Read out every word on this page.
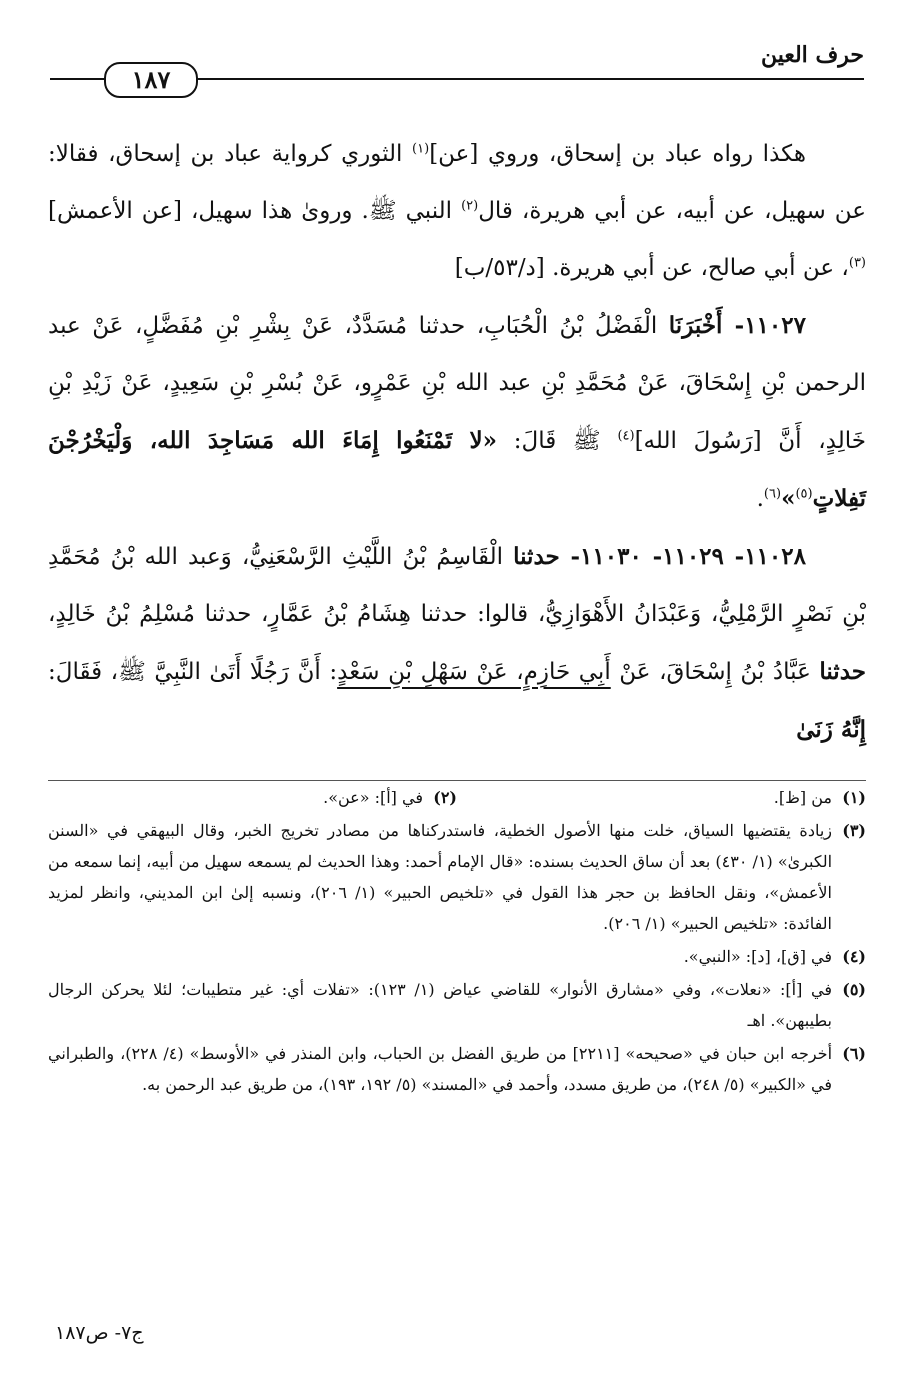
حرف العين
١٨٧

هكذا رواه عباد بن إسحاق، وروي [عن]$^{(١)}$ الثوري كرواية عباد بن إسحاق، فقالا: عن سهيل، عن أبيه، عن أبي هريرة، قال$^{(٢)}$ النبي ﷺ. وروىٰ هذا سهيل، [عن الأعمش]$^{(٣)}$، عن أبي صالح، عن أبي هريرة. [د/٥٣/ب]

١١٠٢٧- أَخْبَرَنَا الْفَضْلُ بْنُ الْحُبَابِ، حدثنا مُسَدَّدٌ، عَنْ بِشْرِ بْنِ مُفَضَّلٍ، عَنْ عبد الرحمن بْنِ إِسْحَاقَ، عَنْ مُحَمَّدِ بْنِ عبد الله بْنِ عَمْرٍو، عَنْ بُسْرِ بْنِ سَعِيدٍ، عَنْ زَيْدِ بْنِ خَالِدٍ، أَنَّ [رَسُولَ الله]$^{(٤)}$ ﷺ قَالَ: «لا تَمْنَعُوا إِمَاءَ الله مَسَاجِدَ الله، وَلْيَخْرُجْنَ تَفِلاتٍ$^{(٥)}$»$^{(٦)}$.

١١٠٢٨- ١١٠٢٩- ١١٠٣٠- حدثنا الْقَاسِمُ بْنُ اللَّيْثِ الرَّسْعَنِيُّ، وَعبد الله بْنُ مُحَمَّدِ بْنِ نَصْرٍ الرَّمْلِيُّ، وَعَبْدَانُ الأَهْوَازِيُّ، قالوا: حدثنا هِشَامُ بْنُ عَمَّارٍ، حدثنا مُسْلِمُ بْنُ خَالِدٍ، حدثنا عَبَّادُ بْنُ إِسْحَاقَ، عَنْ أَبِي حَازِمٍ، عَنْ سَهْلِ بْنِ سَعْدٍ: أَنَّ رَجُلًا أَتَىٰ النَّبِيَّ ﷺ، فَقَالَ: إِنَّهُ زَنَىٰ

(١)
من [ظ].
(٢)
في [أ]: «عن».
(٣)
زيادة يقتضيها السياق، خلت منها الأصول الخطية، فاستدركناها من مصادر تخريج الخبر، وقال البيهقي في «السنن الكبرىٰ» (١/ ٤٣٠) بعد أن ساق الحديث بسنده: «قال الإمام أحمد: وهذا الحديث لم يسمعه سهيل من أبيه، إنما سمعه من الأعمش»، ونقل الحافظ بن حجر هذا القول في «تلخيص الحبير» (١/ ٢٠٦)، ونسبه إلىٰ ابن المديني، وانظر لمزيد الفائدة: «تلخيص الحبير» (١/ ٢٠٦).
(٤)
في [ق]، [د]: «النبي».
(٥)
في [أ]: «نعلات»، وفي «مشارق الأنوار» للقاضي عياض (١/ ١٢٣): «تفلات أي: غير متطيبات؛ لئلا يحركن الرجال بطيبهن». اهـ
(٦)
أخرجه ابن حبان في «صحيحه» [٢٢١١] من طريق الفضل بن الحباب، وابن المنذر في «الأوسط» (٤/ ٢٢٨)، والطبراني في «الكبير» (٥/ ٢٤٨)، من طريق مسدد، وأحمد في «المسند» (٥/ ١٩٢، ١٩٣)، من طريق عبد الرحمن به.
ج٧- ص١٨٧
